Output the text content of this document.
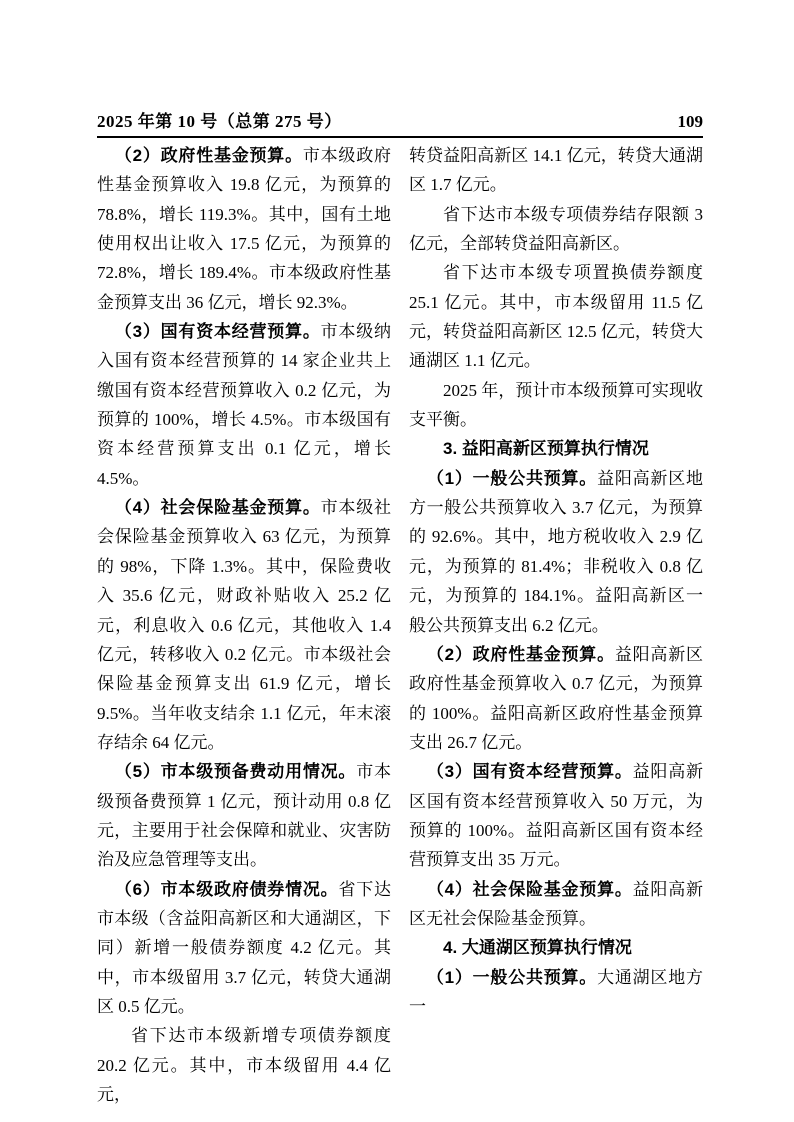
2025 年第 10 号（总第 275 号）	109

（2）政府性基金预算。市本级政府性基金预算收入 19.8 亿元，为预算的 78.8%，增长 119.3%。其中，国有土地使用权出让收入 17.5 亿元，为预算的 72.8%，增长 189.4%。市本级政府性基金预算支出 36 亿元，增长 92.3%。

（3）国有资本经营预算。市本级纳入国有资本经营预算的 14 家企业共上缴国有资本经营预算收入 0.2 亿元，为预算的 100%，增长 4.5%。市本级国有资本经营预算支出 0.1 亿元，增长 4.5%。

（4）社会保险基金预算。市本级社会保险基金预算收入 63 亿元，为预算的 98%，下降 1.3%。其中，保险费收入 35.6 亿元，财政补贴收入 25.2 亿元，利息收入 0.6 亿元，其他收入 1.4 亿元，转移收入 0.2 亿元。市本级社会保险基金预算支出 61.9 亿元，增长 9.5%。当年收支结余 1.1 亿元，年末滚存结余 64 亿元。

（5）市本级预备费动用情况。市本级预备费预算 1 亿元，预计动用 0.8 亿元，主要用于社会保障和就业、灾害防治及应急管理等支出。

（6）市本级政府债券情况。省下达市本级（含益阳高新区和大通湖区，下同）新增一般债券额度 4.2 亿元。其中，市本级留用 3.7 亿元，转贷大通湖区 0.5 亿元。

省下达市本级新增专项债券额度 20.2 亿元。其中，市本级留用 4.4 亿元，

转贷益阳高新区 14.1 亿元，转贷大通湖区 1.7 亿元。

省下达市本级专项债券结存限额 3 亿元，全部转贷益阳高新区。

省下达市本级专项置换债券额度 25.1 亿元。其中，市本级留用 11.5 亿元，转贷益阳高新区 12.5 亿元，转贷大通湖区 1.1 亿元。

2025 年，预计市本级预算可实现收支平衡。

3. 益阳高新区预算执行情况

（1）一般公共预算。益阳高新区地方一般公共预算收入 3.7 亿元，为预算的 92.6%。其中，地方税收收入 2.9 亿元，为预算的 81.4%；非税收入 0.8 亿元，为预算的 184.1%。益阳高新区一般公共预算支出 6.2 亿元。

（2）政府性基金预算。益阳高新区政府性基金预算收入 0.7 亿元，为预算的 100%。益阳高新区政府性基金预算支出 26.7 亿元。

（3）国有资本经营预算。益阳高新区国有资本经营预算收入 50 万元，为预算的 100%。益阳高新区国有资本经营预算支出 35 万元。

（4）社会保险基金预算。益阳高新区无社会保险基金预算。

4. 大通湖区预算执行情况

（1）一般公共预算。大通湖区地方一
